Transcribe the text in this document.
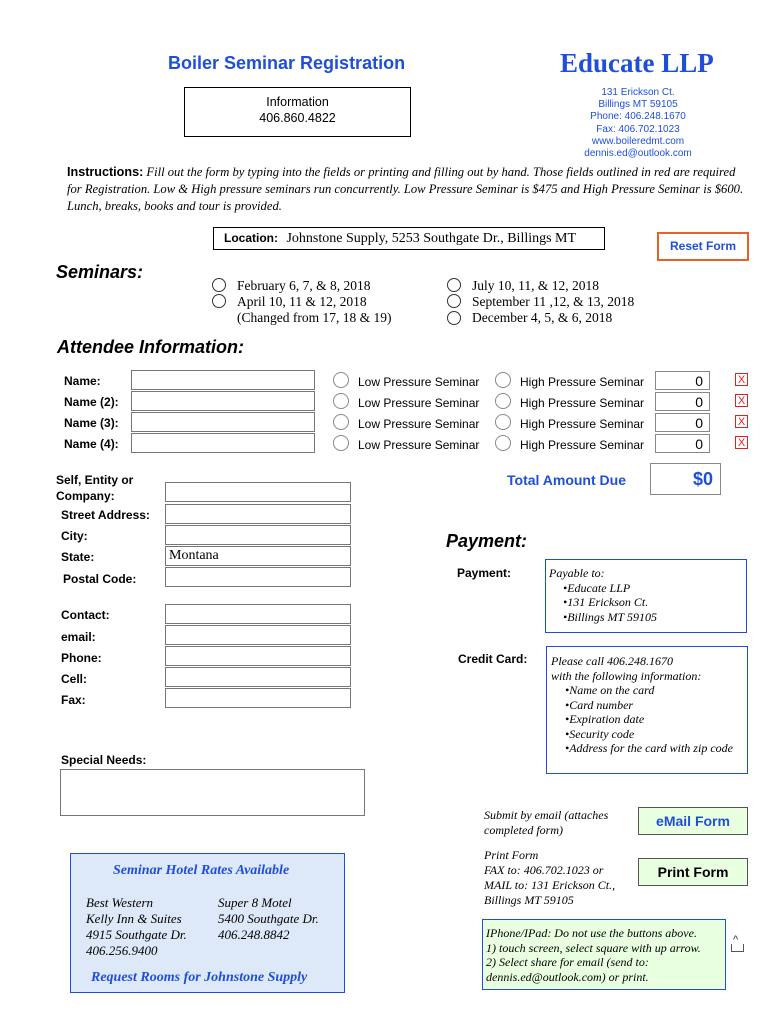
Boiler Seminar Registration	Educate LLP
131 Erickson Ct.
Billings MT 59105
Phone: 406.248.1670
Fax: 406.702.1023
www.boileredmt.com
dennis.ed@outlook.com
Information
406.860.4822
Instructions: Fill out the form by typing into the fields or printing and filling out by hand. Those fields outlined in red are required for Registration. Low & High pressure seminars run concurrently. Low Pressure Seminar is $475 and High Pressure Seminar is $600. Lunch, breaks, books and tour is provided.
Location: Johnstone Supply, 5253 Southgate Dr., Billings MT	Reset Form
Seminars:
February 6, 7, & 8, 2018
April 10, 11 & 12, 2018
(Changed from 17, 18 & 19)
July 10, 11, & 12, 2018
September 11 ,12, & 13, 2018
December 4, 5, & 6, 2018
Attendee Information:
Name:	Low Pressure Seminar	High Pressure Seminar	0	X
Name (2):	Low Pressure Seminar	High Pressure Seminar	0	X
Name (3):	Low Pressure Seminar	High Pressure Seminar	0	X
Name (4):	Low Pressure Seminar	High Pressure Seminar	0	X
Total Amount Due	$0
Self, Entity or
Company:
Street Address:
City:
State:	Montana
Postal Code:
Contact:
email:
Phone:
Cell:
Fax:
Special Needs:
Payment:
Payment:	Payable to:
•Educate LLP
•131 Erickson Ct.
•Billings MT 59105
Credit Card: Please call 406.248.1670
with the following information:
•Name on the card
•Card number
•Expiration date
•Security code
•Address for the card with zip code
Submit by email (attaches
completed form)
eMail Form
Print Form
FAX to: 406.702.1023 or
MAIL to: 131 Erickson Ct.,
Billings MT 59105
Print Form
IPhone/IPad: Do not use the buttons above.
1) touch screen, select square with up arrow.
2) Select share for email (send to:
dennis.ed@outlook.com) or print.
^
Seminar Hotel Rates Available
Best Western
Kelly Inn & Suites
4915 Southgate Dr.
406.256.9400
Super 8 Motel
5400 Southgate Dr.
406.248.8842
Request Rooms for Johnstone Supply
